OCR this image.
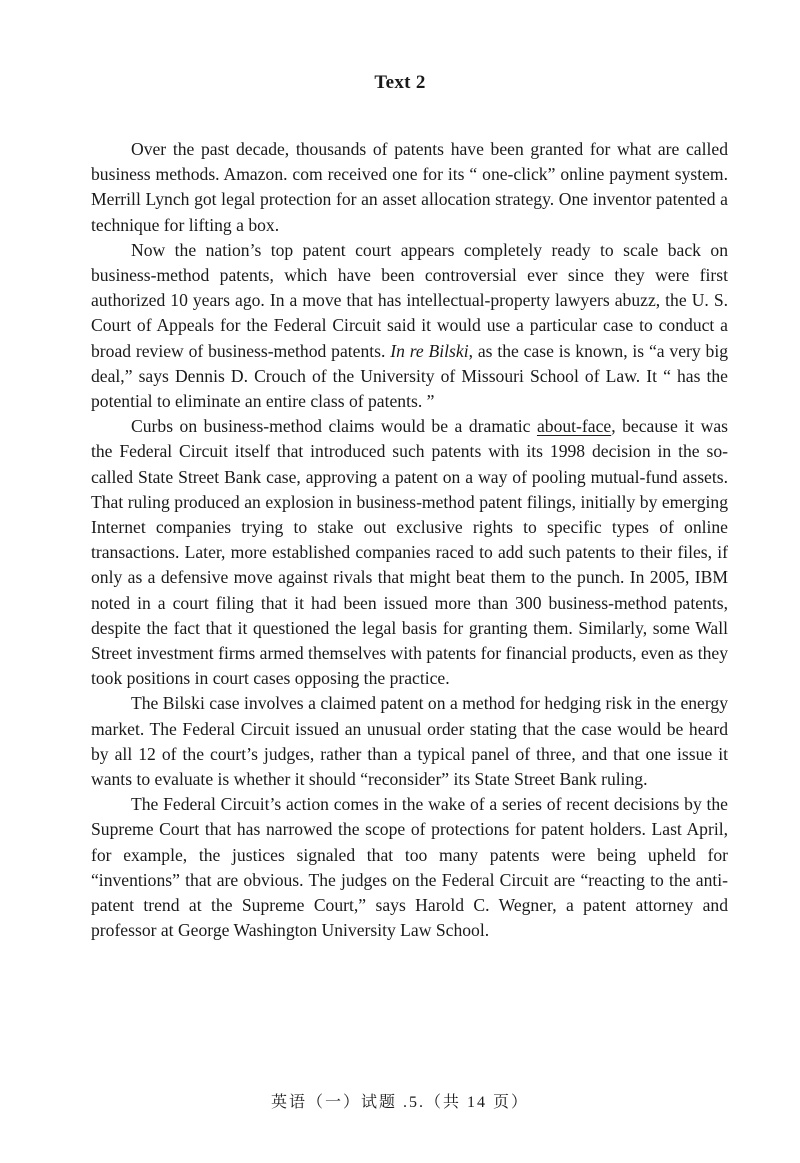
Text 2

Over the past decade, thousands of patents have been granted for what are called business methods. Amazon. com received one for its “ one-click” online payment system. Merrill Lynch got legal protection for an asset allocation strategy. One inventor patented a technique for lifting a box.

Now the nation’s top patent court appears completely ready to scale back on business-method patents, which have been controversial ever since they were first authorized 10 years ago. In a move that has intellectual-property lawyers abuzz, the U. S. Court of Appeals for the Federal Circuit said it would use a particular case to conduct a broad review of business-method patents. In re Bilski, as the case is known, is “a very big deal,” says Dennis D. Crouch of the University of Missouri School of Law. It “ has the potential to eliminate an entire class of patents. ”

Curbs on business-method claims would be a dramatic about-face, because it was the Federal Circuit itself that introduced such patents with its 1998 decision in the so-called State Street Bank case, approving a patent on a way of pooling mutual-fund assets. That ruling produced an explosion in business-method patent filings, initially by emerging Internet companies trying to stake out exclusive rights to specific types of online transactions. Later, more established companies raced to add such patents to their files, if only as a defensive move against rivals that might beat them to the punch. In 2005, IBM noted in a court filing that it had been issued more than 300 business-method patents, despite the fact that it questioned the legal basis for granting them. Similarly, some Wall Street investment firms armed themselves with patents for financial products, even as they took positions in court cases opposing the practice.

The Bilski case involves a claimed patent on a method for hedging risk in the energy market. The Federal Circuit issued an unusual order stating that the case would be heard by all 12 of the court’s judges, rather than a typical panel of three, and that one issue it wants to evaluate is whether it should “reconsider” its State Street Bank ruling.

The Federal Circuit’s action comes in the wake of a series of recent decisions by the Supreme Court that has narrowed the scope of protections for patent holders. Last April, for example, the justices signaled that too many patents were being upheld for “inventions” that are obvious. The judges on the Federal Circuit are “reacting to the anti-patent trend at the Supreme Court,” says Harold C. Wegner, a patent attorney and professor at George Washington University Law School.

英语（一）试题 .5.（共 14 页）
